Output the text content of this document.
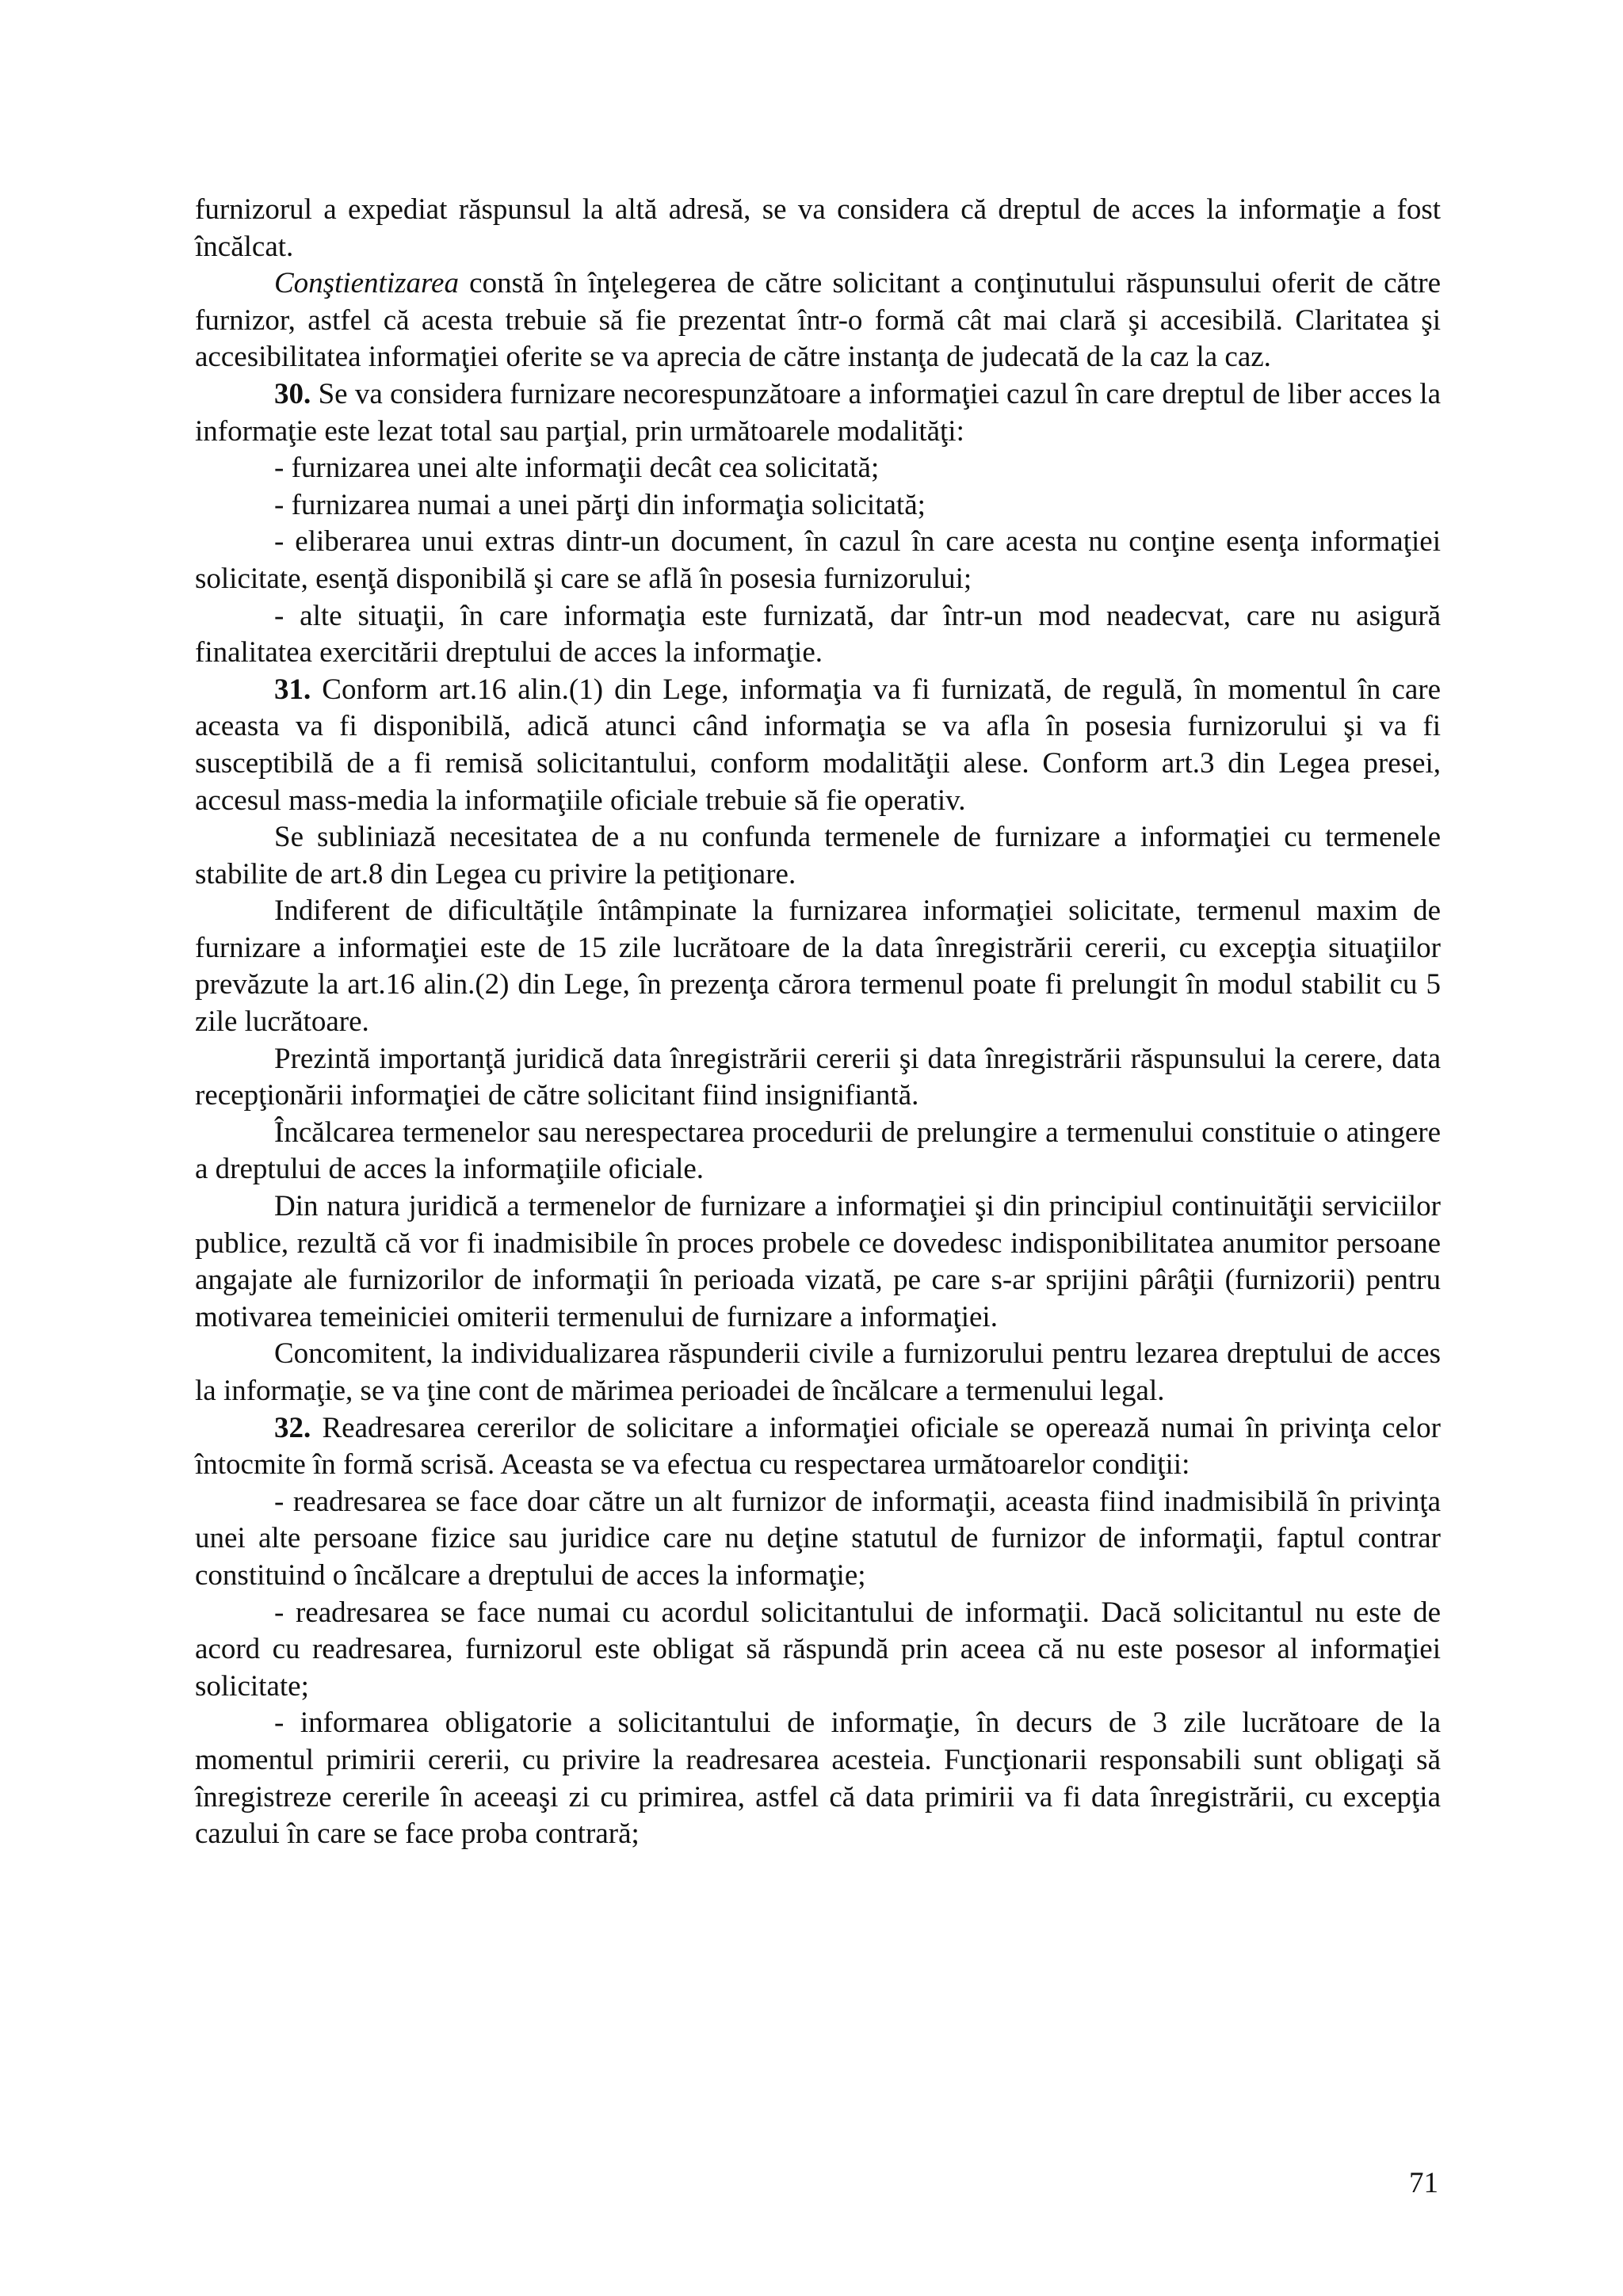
furnizorul a expediat răspunsul la altă adresă, se va considera că dreptul de acces la informaţie a fost încălcat.

Conştientizarea constă în înţelegerea de către solicitant a conţinutului răspunsului oferit de către furnizor, astfel că acesta trebuie să fie prezentat într-o formă cât mai clară şi accesibilă. Claritatea şi accesibilitatea informaţiei oferite se va aprecia de către instanţa de judecată de la caz la caz.

30. Se va considera furnizare necorespunzătoare a informaţiei cazul în care dreptul de liber acces la informaţie este lezat total sau parţial, prin următoarele modalităţi:

- furnizarea unei alte informaţii decât cea solicitată;

- furnizarea numai a unei părţi din informaţia solicitată;

- eliberarea unui extras dintr-un document, în cazul în care acesta nu conţine esenţa informaţiei solicitate, esenţă disponibilă şi care se află în posesia furnizorului;

- alte situaţii, în care informaţia este furnizată, dar într-un mod neadecvat, care nu asigură finalitatea exercitării dreptului de acces la informaţie.

31. Conform art.16 alin.(1) din Lege, informaţia va fi furnizată, de regulă, în momentul în care aceasta va fi disponibilă, adică atunci când informaţia se va afla în posesia furnizorului şi va fi susceptibilă de a fi remisă solicitantului, conform modalităţii alese. Conform art.3 din Legea presei, accesul mass-media la informaţiile oficiale trebuie să fie operativ.

Se subliniază necesitatea de a nu confunda termenele de furnizare a informaţiei cu termenele stabilite de art.8 din Legea cu privire la petiţionare.

Indiferent de dificultăţile întâmpinate la furnizarea informaţiei solicitate, termenul maxim de furnizare a informaţiei este de 15 zile lucrătoare de la data înregistrării cererii, cu excepţia situaţiilor prevăzute la art.16 alin.(2) din Lege, în prezenţa cărora termenul poate fi prelungit în modul stabilit cu 5 zile lucrătoare.

Prezintă importanţă juridică data înregistrării cererii şi data înregistrării răspunsului la cerere, data recepţionării informaţiei de către solicitant fiind insignifiantă.

Încălcarea termenelor sau nerespectarea procedurii de prelungire a termenului constituie o atingere a dreptului de acces la informaţiile oficiale.

Din natura juridică a termenelor de furnizare a informaţiei şi din principiul continuităţii serviciilor publice, rezultă că vor fi inadmisibile în proces probele ce dovedesc indisponibilitatea anumitor persoane angajate ale furnizorilor de informaţii în perioada vizată, pe care s-ar sprijini pârâţii (furnizorii) pentru motivarea temeiniciei omiterii termenului de furnizare a informaţiei.

Concomitent, la individualizarea răspunderii civile a furnizorului pentru lezarea dreptului de acces la informaţie, se va ţine cont de mărimea perioadei de încălcare a termenului legal.

32. Readresarea cererilor de solicitare a informaţiei oficiale se operează numai în privinţa celor întocmite în formă scrisă. Aceasta se va efectua cu respectarea următoarelor condiţii:

- readresarea se face doar către un alt furnizor de informaţii, aceasta fiind inadmisibilă în privinţa unei alte persoane fizice sau juridice care nu deţine statutul de furnizor de informaţii, faptul contrar constituind o încălcare a dreptului de acces la informaţie;

- readresarea se face numai cu acordul solicitantului de informaţii. Dacă solicitantul nu este de acord cu readresarea, furnizorul este obligat să răspundă prin aceea că nu este posesor al informaţiei solicitate;

- informarea obligatorie a solicitantului de informaţie, în decurs de 3 zile lucrătoare de la momentul primirii cererii, cu privire la readresarea acesteia. Funcţionarii responsabili sunt obligaţi să înregistreze cererile în aceeaşi zi cu primirea, astfel că data primirii va fi data înregistrării, cu excepţia cazului în care se face proba contrară;

71
